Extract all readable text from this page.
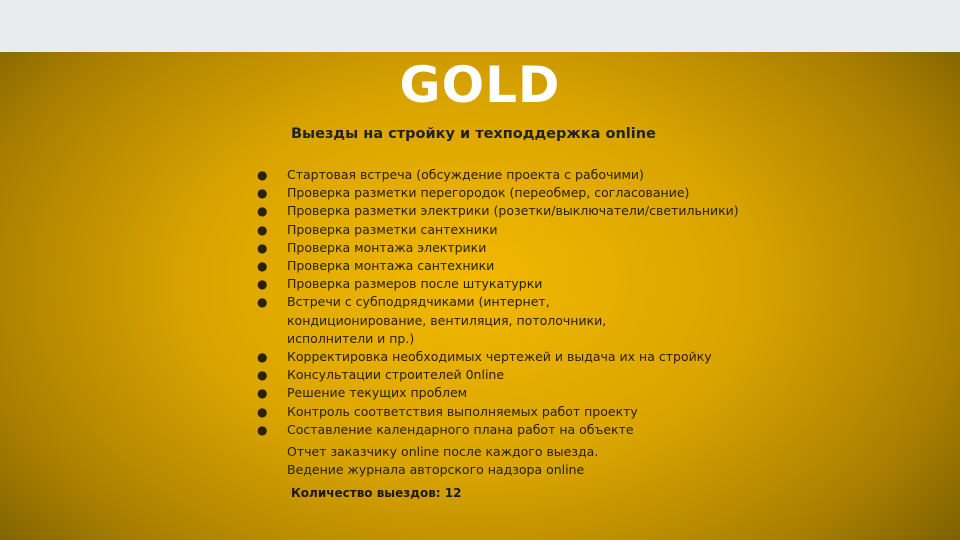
GOLD
Выезды на стройку и техподдержка online
● Стартовая встреча (обсуждение проекта с рабочими)
● Проверка разметки перегородок (переобмер, согласование)
● Проверка разметки электрики (розетки/выключатели/светильники)
● Проверка разметки сантехники
● Проверка монтажа электрики
● Проверка монтажа сантехники
● Проверка размеров после штукатурки
● Встречи с субподрядчиками (интернет, кондиционирование, вентиляция, потолочники, исполнители и пр.)
● Корректировка необходимых чертежей и выдача их на стройку
● Консультации строителей 0nline
● Решение текущих проблем
● Контроль соответствия выполняемых работ проекту
● Составление календарного плана работ на объекте
Отчет заказчику online после каждого выезда.
Ведение журнала авторского надзора online
Количество выездов: 12
